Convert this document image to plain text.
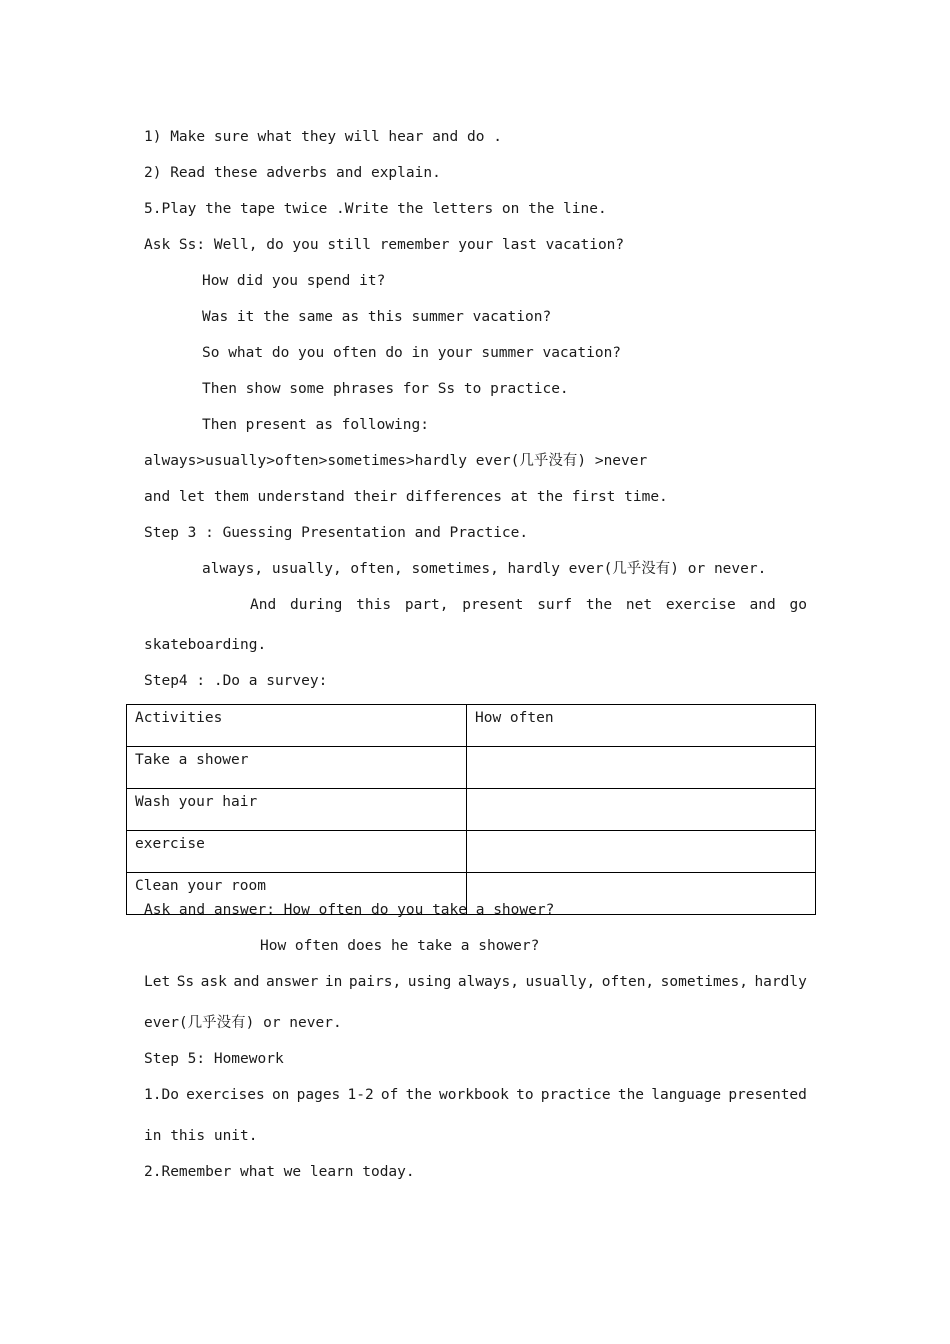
1) Make sure what they will hear and do .
2) Read these adverbs and explain.
5.Play the tape twice .Write the letters on the line.
Ask Ss: Well, do you still remember your last vacation?
How did you spend it?
Was it the same as this summer vacation?
So what do you often do in your summer vacation?
Then show some phrases for Ss to practice.
Then present as following:
always>usually>often>sometimes>hardly ever(几乎没有) >never
and let them understand their differences at the first time.
Step 3 : Guessing Presentation and Practice.
always, usually, often, sometimes, hardly ever(几乎没有) or never.
And during this part, present surf the net exercise and go
skateboarding.
Step4 : .Do a survey:
Activities	How often
Take a shower	
Wash your hair	
exercise	
Clean your room	
Ask and answer: How often do you take a shower?
How often does he take a shower?
Let Ss ask and answer in pairs, using always, usually, often, sometimes, hardly
ever(几乎没有) or never.
Step 5: Homework
1.Do exercises on pages 1-2 of the workbook to practice the language presented
in this unit.
2.Remember what we learn today.
